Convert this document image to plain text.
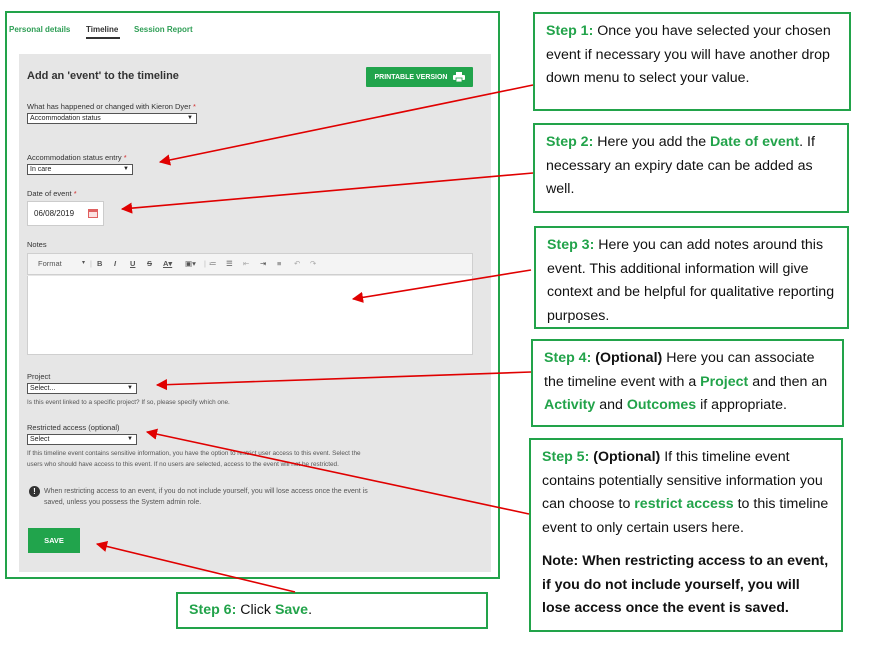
Personal details Timeline Session Report
Add an 'event' to the timeline	PRINTABLE VERSION
What has happened or changed with Kieron Dyer *
Accommodation status	▼
Accommodation status entry *
In care	▼
Date of event *
06/08/2019
Notes
Format	▾ | B I U S A▾ ▣▾ | ≔ ☰ ⇤ ⇥ ≡ ↶ ↷
Project
Select...	▼
Is this event linked to a specific project? If so, please specify which one.
Restricted access (optional)
Select	▼
If this timeline event contains sensitive information, you have the option to restrict user access to this event. Select the
users who should have access to this event. If no users are selected, access to the event will not be restricted.
!	When restricting access to an event, if you do not include yourself, you will lose access once the event is
saved, unless you possess the System admin role.
SAVE
Step 1: Once you have selected your chosen event if necessary you will have another drop down menu to select your value.
Step 2: Here you add the Date of event. If necessary an expiry date can be added as well.
Step 3: Here you can add notes around this event. This additional information will give context and be helpful for qualitative reporting purposes.
Step 4: (Optional) Here you can associate the timeline event with a Project and then an Activity and Outcomes if appropriate.
Step 5: (Optional) If this timeline event contains potentially sensitive information you can choose to restrict access to this timeline event to only certain users here.
Note: When restricting access to an event, if you do not include yourself, you will lose access once the event is saved.
Step 6: Click Save.
